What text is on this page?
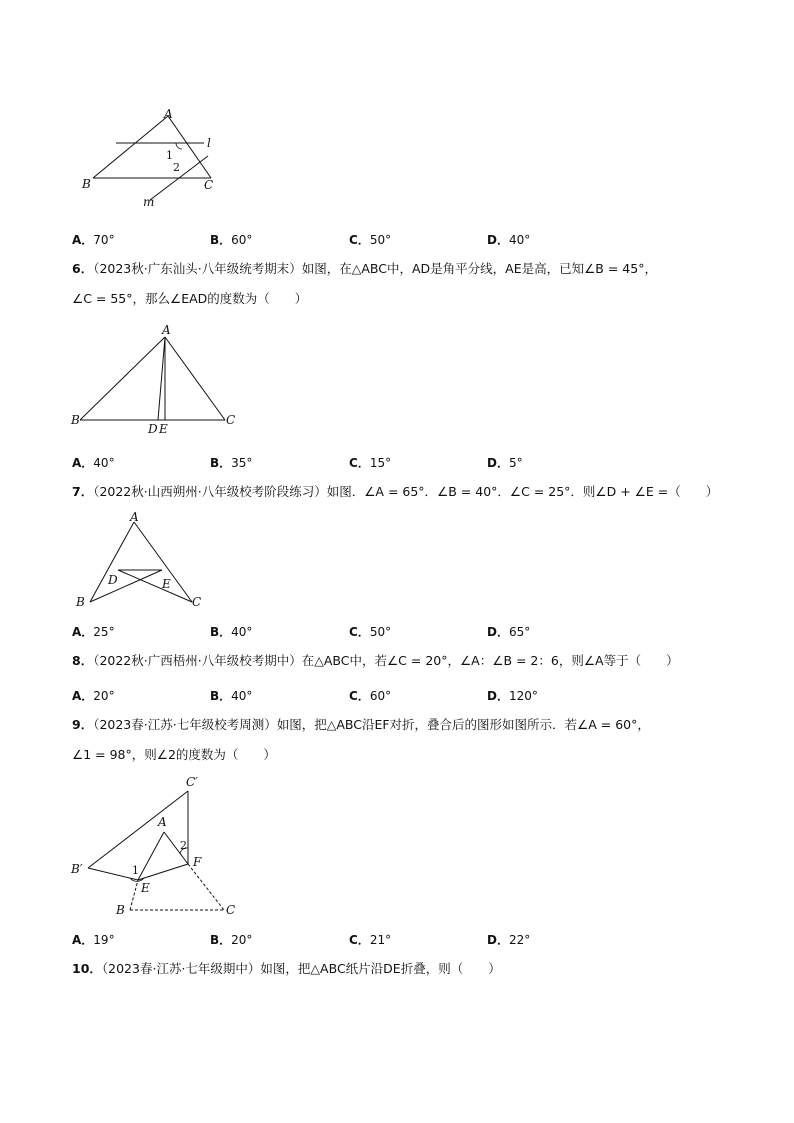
A
B	C
l
m
1
2
A．70°	B．60°	C．50°	D．40°
6．（2023秋·广东汕头·八年级统考期末）如图，在△ABC中，AD是角平分线，AE是高，已知∠B = 45°，
∠C = 55°，那么∠EAD的度数为（　　）
A
B	C
D E
A．40°	B．35°	C．15°	D．5°
7．（2022秋·山西朔州·八年级校考阶段练习）如图．∠A = 65°．∠B = 40°．∠C = 25°．则∠D + ∠E =（　　）
A
B	C
D	E
A．25°	B．40°	C．50°	D．65°
8．（2022秋·广西梧州·八年级校考期中）在△ABC中，若∠C = 20°，∠A：∠B = 2：6，则∠A等于（　　）
A．20°	B．40°	C．60°	D．120°
9．（2023春·江苏·七年级校考周测）如图，把△ABC沿EF对折，叠合后的图形如图所示．若∠A = 60°，
∠1 = 98°，则∠2的度数为（　　）
C′
A
B′	F
E
B	C
1
2
A．19°	B．20°	C．21°	D．22°
10．（2023春·江苏·七年级期中）如图，把△ABC纸片沿DE折叠，则（　　）
